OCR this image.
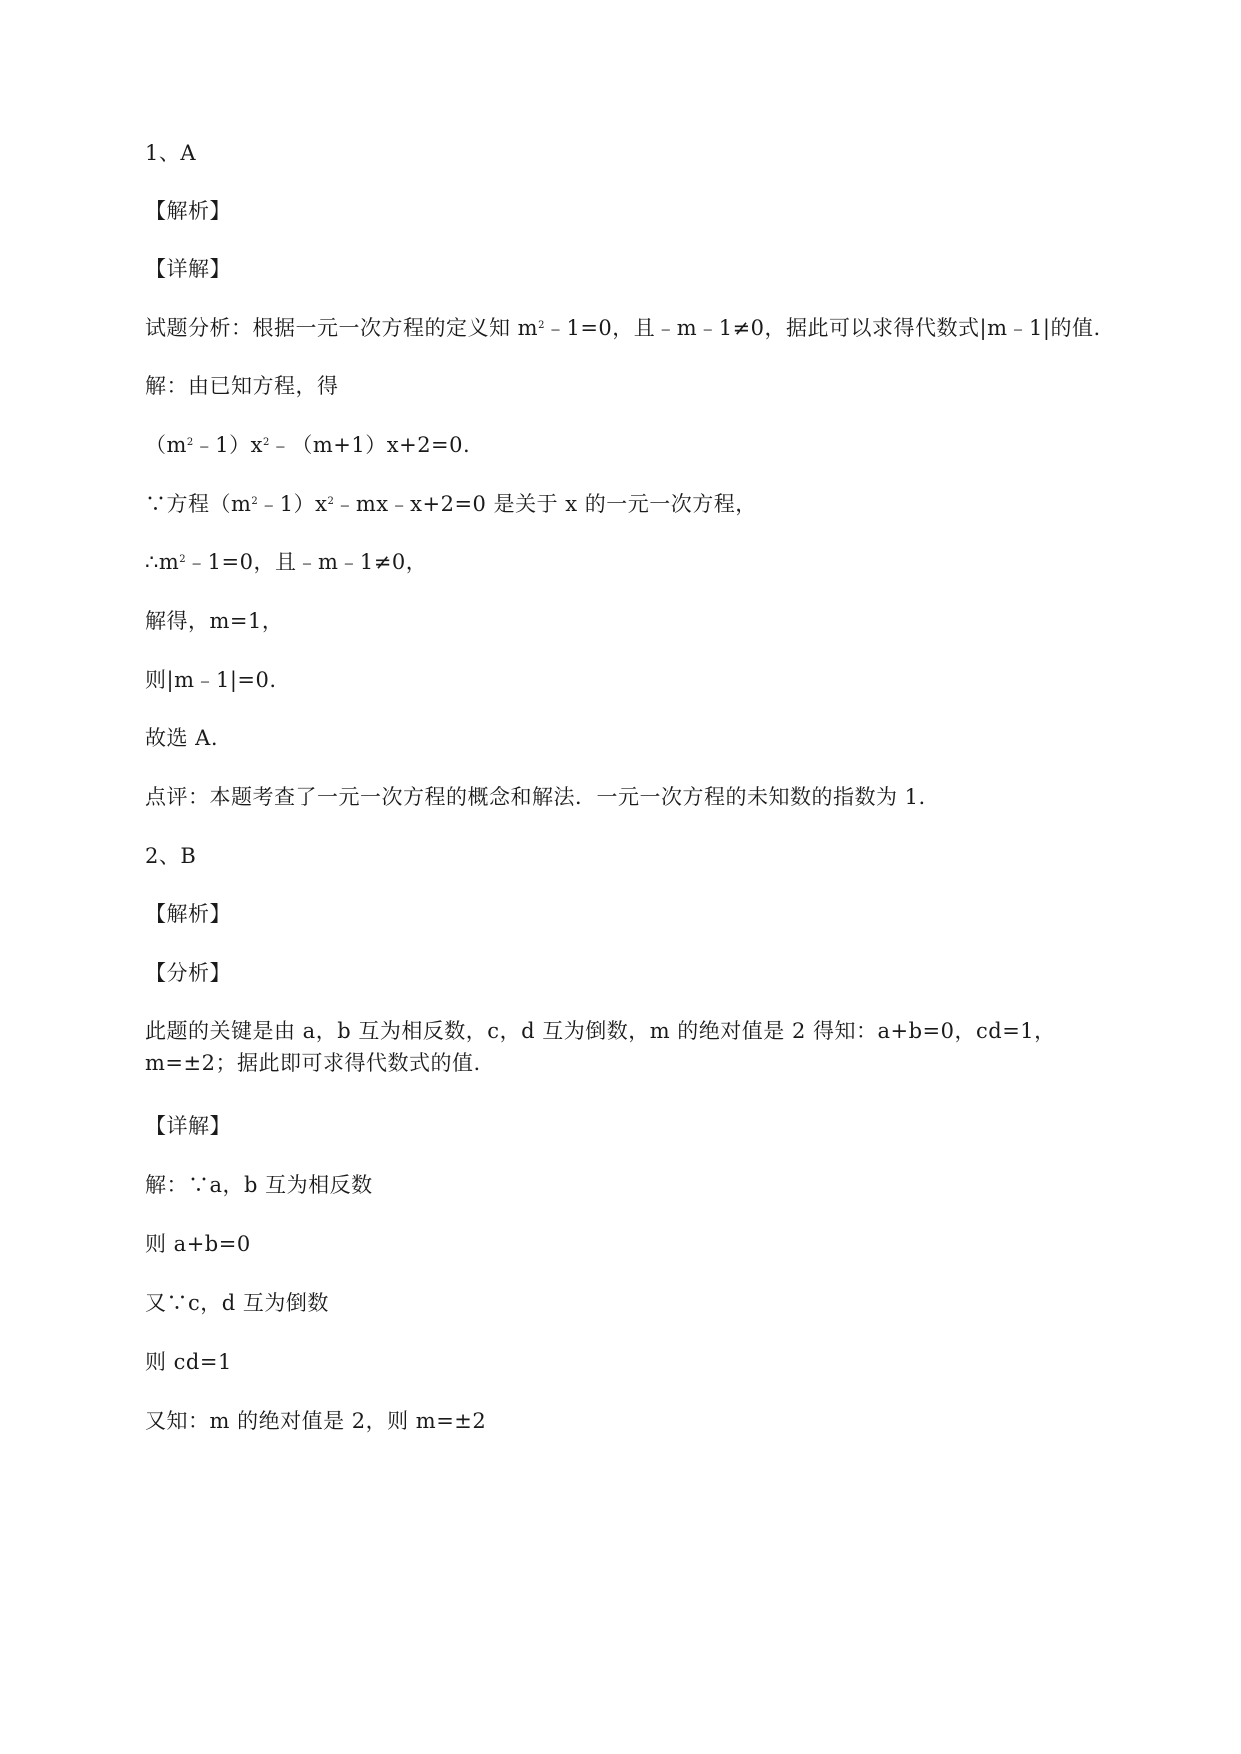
1、A
【解析】
【详解】
试题分析：根据一元一次方程的定义知 $m^2﹣1=0$，且﹣m﹣1≠0，据此可以求得代数式|m﹣1|的值.
解：由已知方程，得
$(m^2﹣1)x^2﹣(m+1)x+2=0$.
∵方程$(m^2﹣1)x^2﹣mx﹣x+2=0$ 是关于 x 的一元一次方程，
$\therefore m^2﹣1=0$，且﹣m﹣1≠0，
解得，m=1，
则|m﹣1|=0.
故选 A.
点评：本题考查了一元一次方程的概念和解法．一元一次方程的未知数的指数为 1.
2、B
【解析】
【分析】
此题的关键是由 a，b 互为相反数，c，d 互为倒数，m 的绝对值是 2 得知：a+b=0，cd=1，m=±2；据此即可求得代数式的值.
【详解】
解：∵a，b 互为相反数
则 a+b=0
又∵c，d 互为倒数
则 cd=1
又知：m 的绝对值是 2，则 m=±2
